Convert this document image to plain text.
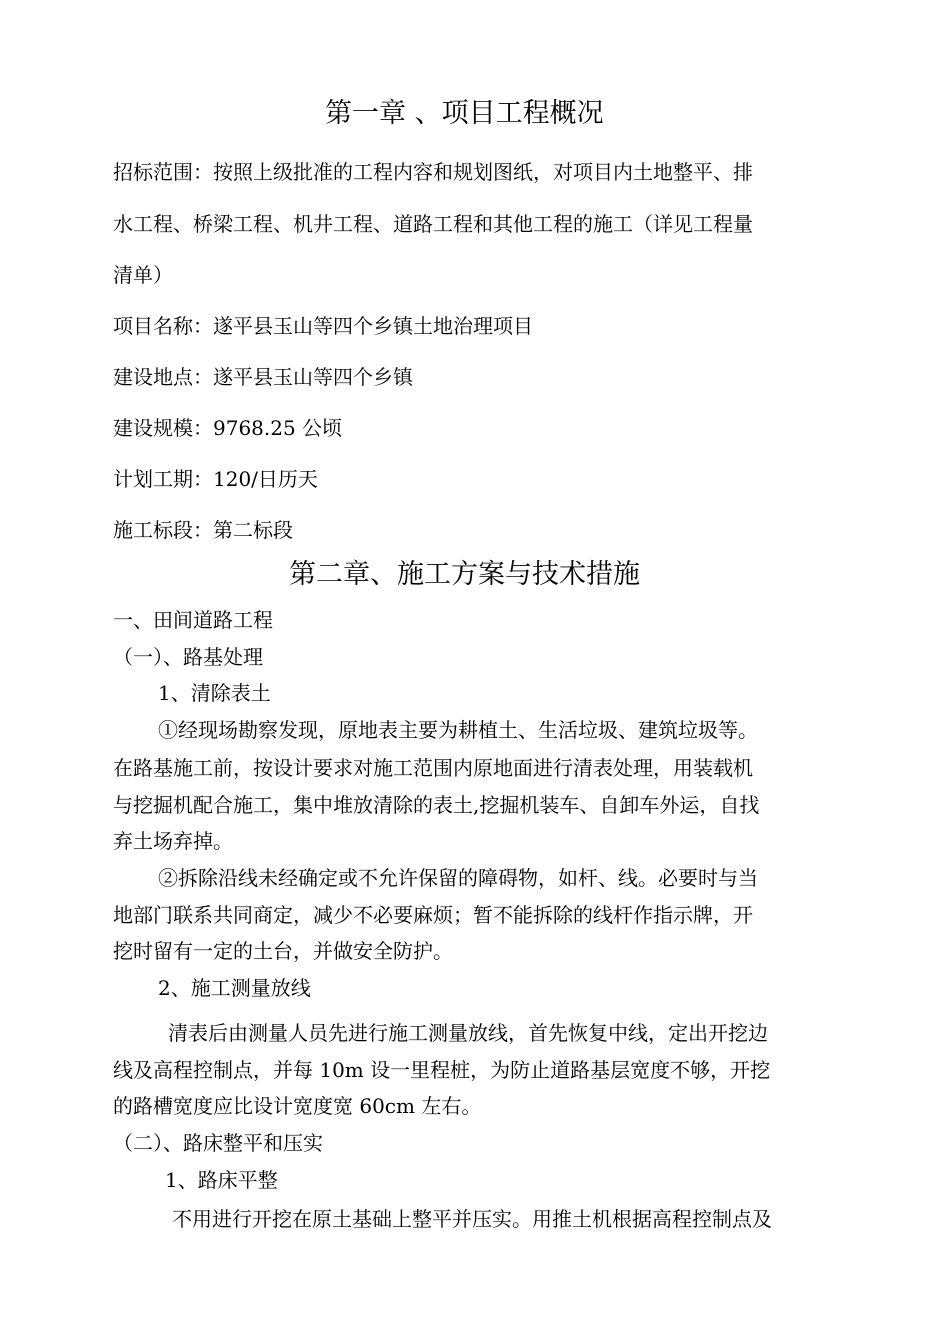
第一章 、项目工程概况
招标范围：按照上级批准的工程内容和规划图纸，对项目内土地整平、排
水工程、桥梁工程、机井工程、道路工程和其他工程的施工（详见工程量
清单）
项目名称：遂平县玉山等四个乡镇土地治理项目
建设地点：遂平县玉山等四个乡镇
建设规模：9768.25 公顷
计划工期：120/日历天
施工标段：第二标段
第二章、施工方案与技术措施
一、田间道路工程
（一）、路基处理
1、清除表土
①经现场勘察发现，原地表主要为耕植土、生活垃圾、建筑垃圾等。
在路基施工前，按设计要求对施工范围内原地面进行清表处理，用装载机
与挖掘机配合施工，集中堆放清除的表土,挖掘机装车、自卸车外运，自找
弃土场弃掉。
②拆除沿线未经确定或不允许保留的障碍物，如杆、线。必要时与当
地部门联系共同商定，减少不必要麻烦；暂不能拆除的线杆作指示牌，开
挖时留有一定的土台，并做安全防护。
2、施工测量放线
清表后由测量人员先进行施工测量放线，首先恢复中线，定出开挖边
线及高程控制点，并每 10m 设一里程桩，为防止道路基层宽度不够，开挖
的路槽宽度应比设计宽度宽 60cm 左右。
（二）、路床整平和压实
1、路床平整
不用进行开挖在原土基础上整平并压实。用推土机根据高程控制点及
